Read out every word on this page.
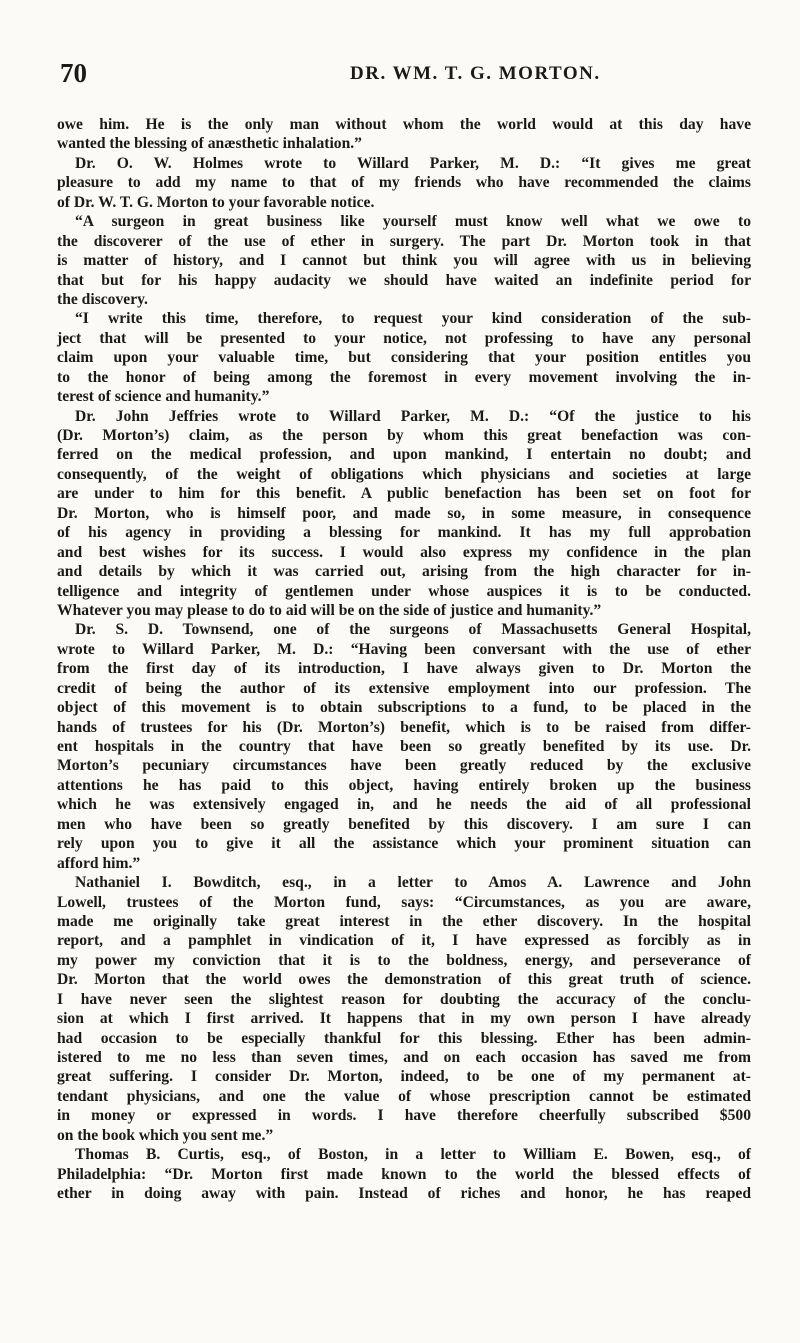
70	DR. WM. T. G. MORTON.
owe him. He is the only man without whom the world would at this day have
wanted the blessing of anæsthetic inhalation.”
Dr. O. W. Holmes wrote to Willard Parker, M. D.: “It gives me great
pleasure to add my name to that of my friends who have recommended the claims
of Dr. W. T. G. Morton to your favorable notice.
“A surgeon in great business like yourself must know well what we owe to
the discoverer of the use of ether in surgery. The part Dr. Morton took in that
is matter of history, and I cannot but think you will agree with us in believing
that but for his happy audacity we should have waited an indefinite period for
the discovery.
“I write this time, therefore, to request your kind consideration of the sub-
ject that will be presented to your notice, not professing to have any personal
claim upon your valuable time, but considering that your position entitles you
to the honor of being among the foremost in every movement involving the in-
terest of science and humanity.”
Dr. John Jeffries wrote to Willard Parker, M. D.: “Of the justice to his
(Dr. Morton’s) claim, as the person by whom this great benefaction was con-
ferred on the medical profession, and upon mankind, I entertain no doubt; and
consequently, of the weight of obligations which physicians and societies at large
are under to him for this benefit. A public benefaction has been set on foot for
Dr. Morton, who is himself poor, and made so, in some measure, in consequence
of his agency in providing a blessing for mankind. It has my full approbation
and best wishes for its success. I would also express my confidence in the plan
and details by which it was carried out, arising from the high character for in-
telligence and integrity of gentlemen under whose auspices it is to be conducted.
Whatever you may please to do to aid will be on the side of justice and humanity.”
Dr. S. D. Townsend, one of the surgeons of Massachusetts General Hospital,
wrote to Willard Parker, M. D.: “Having been conversant with the use of ether
from the first day of its introduction, I have always given to Dr. Morton the
credit of being the author of its extensive employment into our profession. The
object of this movement is to obtain subscriptions to a fund, to be placed in the
hands of trustees for his (Dr. Morton’s) benefit, which is to be raised from differ-
ent hospitals in the country that have been so greatly benefited by its use. Dr.
Morton’s pecuniary circumstances have been greatly reduced by the exclusive
attentions he has paid to this object, having entirely broken up the business
which he was extensively engaged in, and he needs the aid of all professional
men who have been so greatly benefited by this discovery. I am sure I can
rely upon you to give it all the assistance which your prominent situation can
afford him.”
Nathaniel I. Bowditch, esq., in a letter to Amos A. Lawrence and John
Lowell, trustees of the Morton fund, says: “Circumstances, as you are aware,
made me originally take great interest in the ether discovery. In the hospital
report, and a pamphlet in vindication of it, I have expressed as forcibly as in
my power my conviction that it is to the boldness, energy, and perseverance of
Dr. Morton that the world owes the demonstration of this great truth of science.
I have never seen the slightest reason for doubting the accuracy of the conclu-
sion at which I first arrived. It happens that in my own person I have already
had occasion to be especially thankful for this blessing. Ether has been admin-
istered to me no less than seven times, and on each occasion has saved me from
great suffering. I consider Dr. Morton, indeed, to be one of my permanent at-
tendant physicians, and one the value of whose prescription cannot be estimated
in money or expressed in words. I have therefore cheerfully subscribed $500
on the book which you sent me.”
Thomas B. Curtis, esq., of Boston, in a letter to William E. Bowen, esq., of
Philadelphia: “Dr. Morton first made known to the world the blessed effects of
ether in doing away with pain. Instead of riches and honor, he has reaped
